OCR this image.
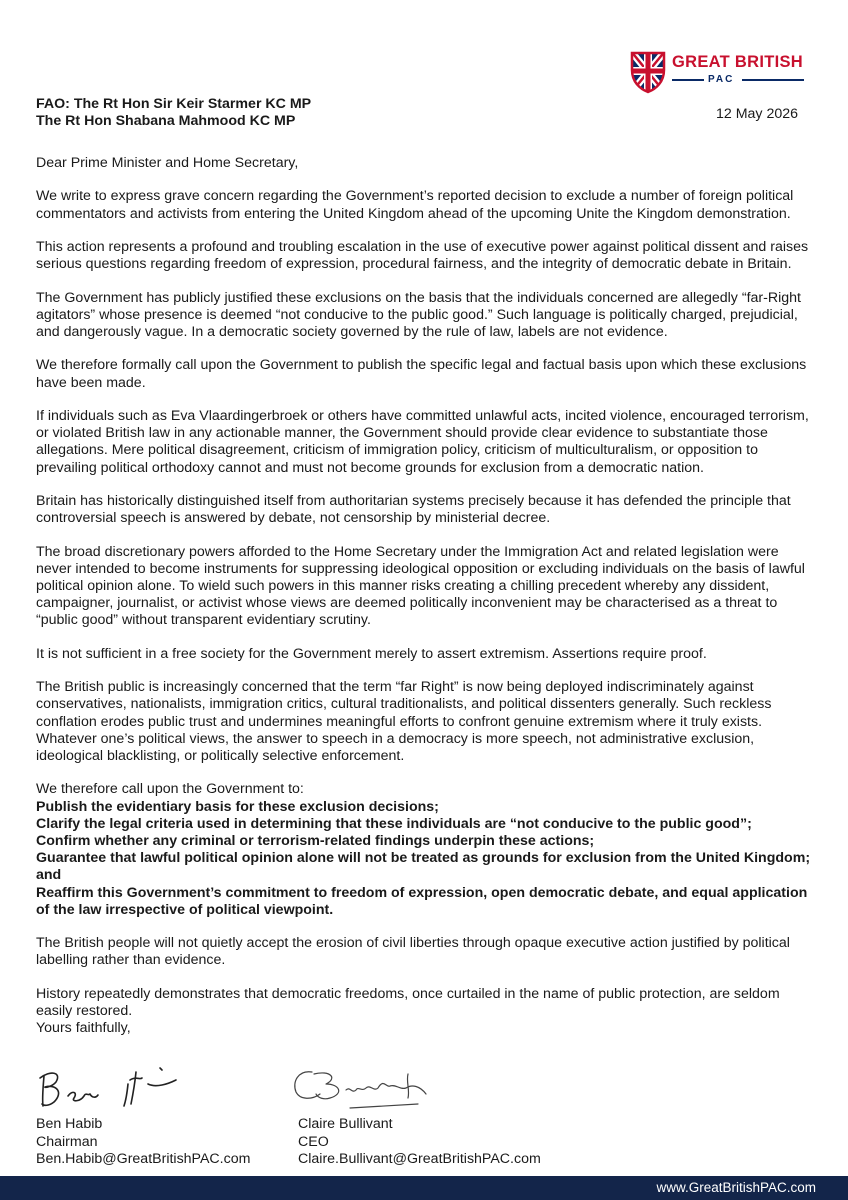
GREAT BRITISH
PAC
FAO: The Rt Hon Sir Keir Starmer KC MP
The Rt Hon Shabana Mahmood KC MP	12 May 2026

Dear Prime Minister and Home Secretary,

We write to express grave concern regarding the Government’s reported decision to exclude a number of foreign political commentators and activists from entering the United Kingdom ahead of the upcoming Unite the Kingdom demonstration.

This action represents a profound and troubling escalation in the use of executive power against political dissent and raises serious questions regarding freedom of expression, procedural fairness, and the integrity of democratic debate in Britain.

The Government has publicly justified these exclusions on the basis that the individuals concerned are allegedly “far-Right agitators” whose presence is deemed “not conducive to the public good.” Such language is politically charged, prejudicial, and dangerously vague. In a democratic society governed by the rule of law, labels are not evidence.

We therefore formally call upon the Government to publish the specific legal and factual basis upon which these exclusions have been made.

If individuals such as Eva Vlaardingerbroek or others have committed unlawful acts, incited violence, encouraged terrorism, or violated British law in any actionable manner, the Government should provide clear evidence to substantiate those allegations. Mere political disagreement, criticism of immigration policy, criticism of multiculturalism, or opposition to prevailing political orthodoxy cannot and must not become grounds for exclusion from a democratic nation.

Britain has historically distinguished itself from authoritarian systems precisely because it has defended the principle that controversial speech is answered by debate, not censorship by ministerial decree.

The broad discretionary powers afforded to the Home Secretary under the Immigration Act and related legislation were never intended to become instruments for suppressing ideological opposition or excluding individuals on the basis of lawful political opinion alone. To wield such powers in this manner risks creating a chilling precedent whereby any dissident, campaigner, journalist, or activist whose views are deemed politically inconvenient may be characterised as a threat to “public good” without transparent evidentiary scrutiny.

It is not sufficient in a free society for the Government merely to assert extremism. Assertions require proof.

The British public is increasingly concerned that the term “far Right” is now being deployed indiscriminately against conservatives, nationalists, immigration critics, cultural traditionalists, and political dissenters generally. Such reckless conflation erodes public trust and undermines meaningful efforts to confront genuine extremism where it truly exists. Whatever one’s political views, the answer to speech in a democracy is more speech, not administrative exclusion, ideological blacklisting, or politically selective enforcement.

We therefore call upon the Government to:

Publish the evidentiary basis for these exclusion decisions;
Clarify the legal criteria used in determining that these individuals are “not conducive to the public good”;
Confirm whether any criminal or terrorism-related findings underpin these actions;
Guarantee that lawful political opinion alone will not be treated as grounds for exclusion from the United Kingdom; and
Reaffirm this Government’s commitment to freedom of expression, open democratic debate, and equal application of the law irrespective of political viewpoint.

The British people will not quietly accept the erosion of civil liberties through opaque executive action justified by political labelling rather than evidence.

History repeatedly demonstrates that democratic freedoms, once curtailed in the name of public protection, are seldom easily restored.

Yours faithfully,

Ben Habib
Chairman
Ben.Habib@GreatBritishPAC.com
Claire Bullivant
CEO
Claire.Bullivant@GreatBritishPAC.com
www.GreatBritishPAC.com
